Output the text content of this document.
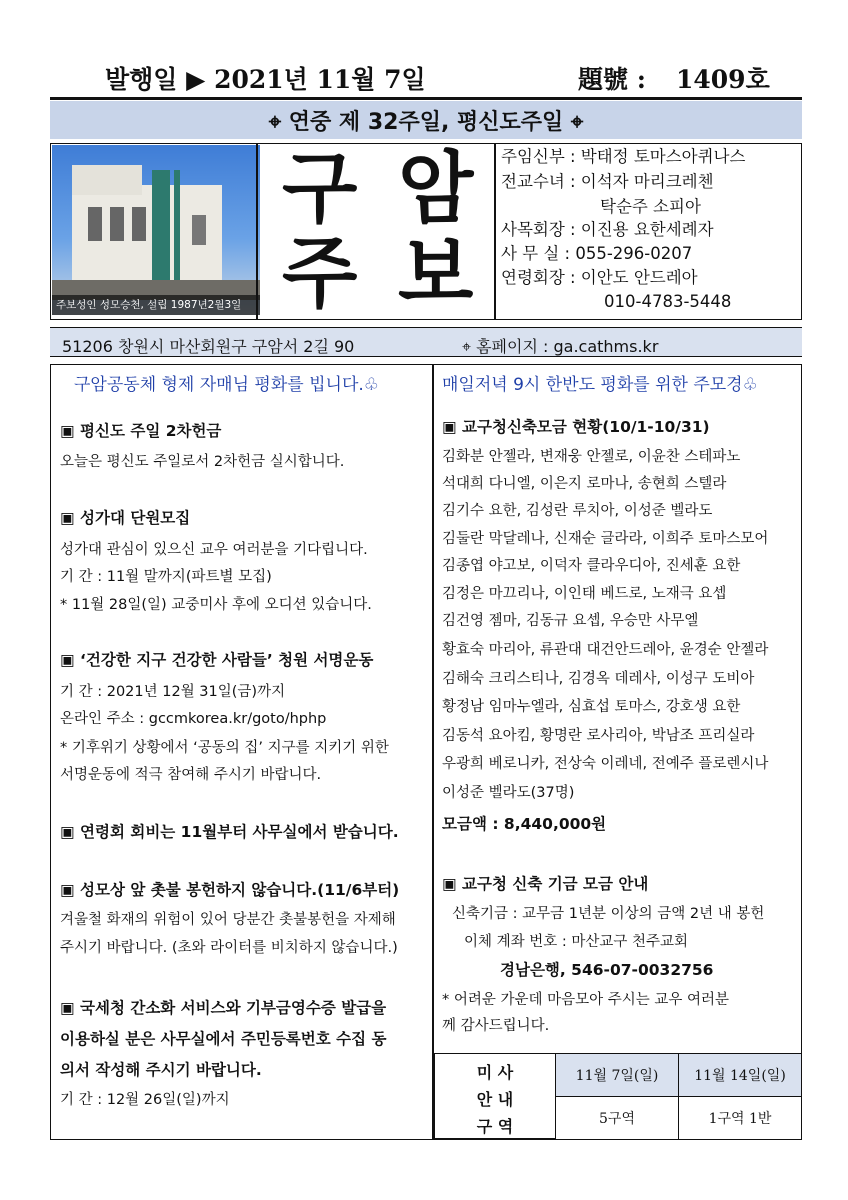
발행일 ▶ 2021년 11월 7일	題號 : 1409호
⌖ 연중 제 32주일, 평신도주일 ⌖
주보성인 성모승천, 설립 1987년2월3일
구 암
주 보
주임신부 : 박태정 토마스아퀴나스
전교수녀 : 이석자 마리크레첸
탁순주 소피아
사목회장 : 이진용 요한세례자
사 무 실 : 055-296-0207
연령회장 : 이안도 안드레아
010-4783-5448
51206 창원시 마산회원구 구암서 2길 90	⌖ 홈페이지 : ga.cathms.kr
구암공동체 형제 자매님 평화를 빕니다.♧
▣ 평신도 주일 2차헌금
오늘은 평신도 주일로서 2차헌금 실시합니다.
▣ 성가대 단원모집
성가대 관심이 있으신 교우 여러분을 기다립니다.
기 간 : 11월 말까지(파트별 모집)
* 11월 28일(일) 교중미사 후에 오디션 있습니다.
▣ ‘건강한 지구 건강한 사람들’ 청원 서명운동
기 간 : 2021년 12월 31일(금)까지
온라인 주소 : gccmkorea.kr/goto/hphp
* 기후위기 상황에서 ‘공동의 집’ 지구를 지키기 위한
서명운동에 적극 참여해 주시기 바랍니다.
▣ 연령회 회비는 11월부터 사무실에서 받습니다.
▣ 성모상 앞 촛불 봉헌하지 않습니다.(11/6부터)
겨울철 화재의 위험이 있어 당분간 촛불봉헌을 자제해
주시기 바랍니다. (초와 라이터를 비치하지 않습니다.)
▣ 국세청 간소화 서비스와 기부금영수증 발급을
이용하실 분은 사무실에서 주민등록번호 수집 동
의서 작성해 주시기 바랍니다.
기 간 : 12월 26일(일)까지
매일저녁 9시 한반도 평화를 위한 주모경♧
▣ 교구청신축모금 현황(10/1-10/31)
김화분 안젤라, 변재웅 안젤로, 이윤찬 스테파노
석대희 다니엘, 이은지 로마나, 송현희 스텔라
김기수 요한, 김성란 루치아, 이성준 벨라도
김둘란 막달레나, 신재순 글라라, 이희주 토마스모어
김종엽 야고보, 이덕자 클라우디아, 진세훈 요한
김정은 마끄리나, 이인태 베드로, 노재극 요셉
김건영 젬마, 김동규 요셉, 우승만 사무엘
황효숙 마리아, 류관대 대건안드레아, 윤경순 안젤라
김해숙 크리스티나, 김경옥 데레사, 이성구 도비아
황정남 임마누엘라, 심효섭 토마스, 강호생 요한
김동석 요아킴, 황명란 로사리아, 박남조 프리실라
우광희 베로니카, 전상숙 이레네, 전예주 플로렌시나
이성준 벨라도(37명)
모금액 : 8,440,000원
▣ 교구청 신축 기금 모금 안내
신축기금 : 교무금 1년분 이상의 금액 2년 내 봉헌
이체 계좌 번호 : 마산교구 천주교회
경남은행, 546-07-0032756
* 어려운 가운데 마음모아 주시는 교우 여러분
께 감사드립니다.
미 사
안 내
구 역
11월 7일(일)	11월 14일(일)
5구역	1구역 1반
